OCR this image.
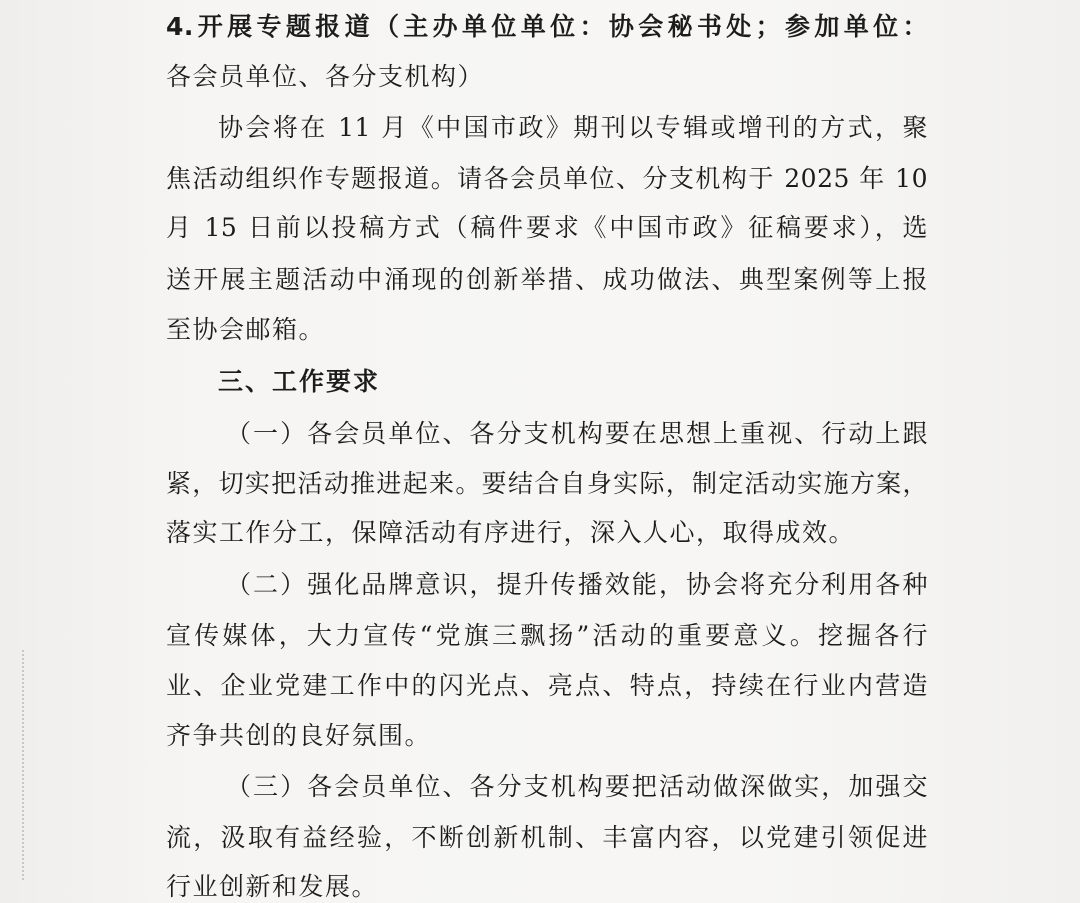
4.开展专题报道（主办单位单位：协会秘书处；参加单位：
各会员单位、各分支机构）
协会将在 11 月《中国市政》期刊以专辑或增刊的方式，聚
焦活动组织作专题报道。请各会员单位、分支机构于 2025 年 10
月 15 日前以投稿方式（稿件要求《中国市政》征稿要求），选
送开展主题活动中涌现的创新举措、成功做法、典型案例等上报
至协会邮箱。
三、工作要求
（一）各会员单位、各分支机构要在思想上重视、行动上跟
紧，切实把活动推进起来。要结合自身实际，制定活动实施方案，
落实工作分工，保障活动有序进行，深入人心，取得成效。
（二）强化品牌意识，提升传播效能，协会将充分利用各种
宣传媒体，大力宣传“党旗三飘扬”活动的重要意义。挖掘各行
业、企业党建工作中的闪光点、亮点、特点，持续在行业内营造
齐争共创的良好氛围。
（三）各会员单位、各分支机构要把活动做深做实，加强交
流，汲取有益经验，不断创新机制、丰富内容，以党建引领促进
行业创新和发展。
